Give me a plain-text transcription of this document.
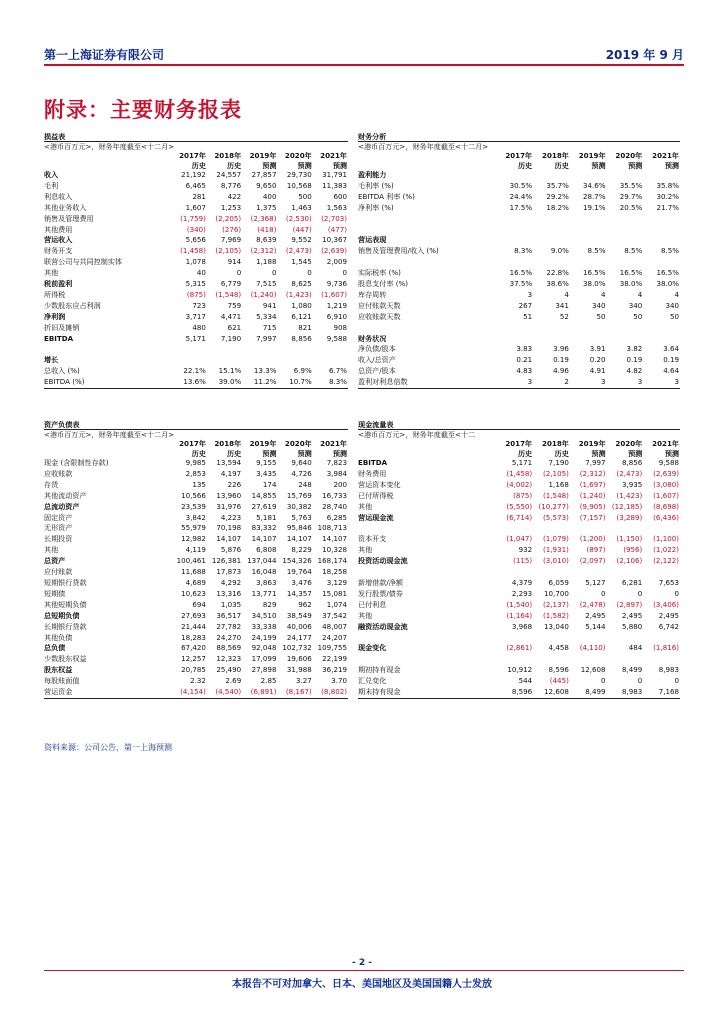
第一上海证券有限公司	2019 年 9 月
附录：主要财务报表
损益表
<港币百万元>，财务年度截至<十二月>
	2017年	2018年	2019年	2020年	2021年
	历史	历史	预测	预测	预测
收入	21,192	24,557	27,857	29,730	31,791
毛利	6,465	8,776	9,650	10,568	11,383
利息收入	281	422	400	500	600
其他业务收入	1,607	1,253	1,375	1,463	1,563
销售及管理费用	(1,759)	(2,205)	(2,368)	(2,530)	(2,703)
其他费用	(340)	(276)	(418)	(447)	(477)
营运收入	5,656	7,969	8,639	9,552	10,367
财务开支	(1,458)	(2,105)	(2,312)	(2,473)	(2,639)
联营公司与共同控制实体	1,078	914	1,188	1,545	2,009
其他	40	0	0	0	0
税前盈利	5,315	6,779	7,515	8,625	9,736
所得税	(875)	(1,548)	(1,240)	(1,423)	(1,607)
少数股东应占利润	723	759	941	1,080	1,219
净利润	3,717	4,471	5,334	6,121	6,910
折旧及摊销	480	621	715	821	908
EBITDA	5,171	7,190	7,997	8,856	9,588

增长					
总收入 (%)	22.1%	15.1%	13.3%	6.9%	6.7%
EBITDA (%)	13.6%	39.0%	11.2%	10.7%	8.3%
财务分析
<港币百万元>，财务年度截至<十二月>
	2017年	2018年	2019年	2020年	2021年
	历史	历史	预测	预测	预测
盈利能力					
毛利率 (%)	30.5%	35.7%	34.6%	35.5%	35.8%
EBITDA 利率 (%)	24.4%	29.2%	28.7%	29.7%	30.2%
净利率 (%)	17.5%	18.2%	19.1%	20.5%	21.7%

营运表现					
销售及管理费用/收入 (%)	8.3%	9.0%	8.5%	8.5%	8.5%

实际税率 (%)	16.5%	22.8%	16.5%	16.5%	16.5%
股息支付率 (%)	37.5%	38.6%	38.0%	38.0%	38.0%
库存周转	3	4	4	4	4
应付账款天数	267	341	340	340	340
应收账款天数	51	52	50	50	50

财务状况					
净负债/股本	3.83	3.96	3.91	3.82	3.64
收入/总资产	0.21	0.19	0.20	0.19	0.19
总资产/股本	4.83	4.96	4.91	4.82	4.64
盈利对利息倍数	3	2	3	3	3
资产负债表
<港币百万元>，财务年度截至<十二月>
	2017年	2018年	2019年	2020年	2021年
	历史	历史	预测	预测	预测
现金 (含限制性存款)	9,985	13,594	9,155	9,640	7,823
应收账款	2,853	4,197	3,435	4,726	3,984
存货	135	226	174	248	200
其他流动资产	10,566	13,960	14,855	15,769	16,733
总流动资产	23,539	31,976	27,619	30,382	28,740
固定资产	3,842	4,223	5,181	5,763	6,285
无形资产	55,979	70,198	83,332	95,846	108,713
长期投资	12,982	14,107	14,107	14,107	14,107
其他	4,119	5,876	6,808	8,229	10,328
总资产	100,461	126,381	137,044	154,326	168,174
应付账款	11,688	17,873	16,048	19,764	18,258
短期银行贷款	4,689	4,292	3,863	3,476	3,129
短期债	10,623	13,316	13,771	14,357	15,081
其他短期负债	694	1,035	829	962	1,074
总短期负债	27,693	36,517	34,510	38,549	37,542
长期银行贷款	21,444	27,782	33,338	40,006	48,007
其他负债	18,283	24,270	24,199	24,177	24,207
总负债	67,420	88,569	92,048	102,732	109,755
少数股东权益	12,257	12,323	17,099	19,606	22,199
股东权益	20,785	25,490	27,898	31,988	36,219
每股账面值	2.32	2.69	2.85	3.27	3.70
营运资金	(4,154)	(4,540)	(6,891)	(8,167)	(8,802)
现金流量表
<港币百万元>，财务年度截至<十二
	2017年	2018年	2019年	2020年	2021年
	历史	历史	预测	预测	预测
EBITDA	5,171	7,190	7,997	8,856	9,588
财务费用	(1,458)	(2,105)	(2,312)	(2,473)	(2,639)
营运资本变化	(4,002)	1,168	(1,697)	3,935	(3,080)
已付所得税	(875)	(1,548)	(1,240)	(1,423)	(1,607)
其他	(5,550)	(10,277)	(9,905)	(12,185)	(8,698)
营运现金流	(6,714)	(5,573)	(7,157)	(3,289)	(6,436)

资本开支	(1,047)	(1,079)	(1,200)	(1,150)	(1,100)
其他	932	(1,931)	(897)	(956)	(1,022)
投资活动现金流	(115)	(3,010)	(2,097)	(2,106)	(2,122)

新增借款/净额	4,379	6,059	5,127	6,281	7,653
发行股票/债券	2,293	10,700	0	0	0
已付利息	(1,540)	(2,137)	(2,478)	(2,897)	(3,406)
其他	(1,164)	(1,582)	2,495	2,495	2,495
融资活动现金流	3,968	13,040	5,144	5,880	6,742

现金变化	(2,861)	4,458	(4,110)	484	(1,816)

期初持有现金	10,912	8,596	12,608	8,499	8,983
汇兑变化	544	(445)	0	0	0
期末持有现金	8,596	12,608	8,499	8,983	7,168
资料来源：公司公告，第一上海预测
- 2 -
本报告不可对加拿大、日本、美国地区及美国国籍人士发放
